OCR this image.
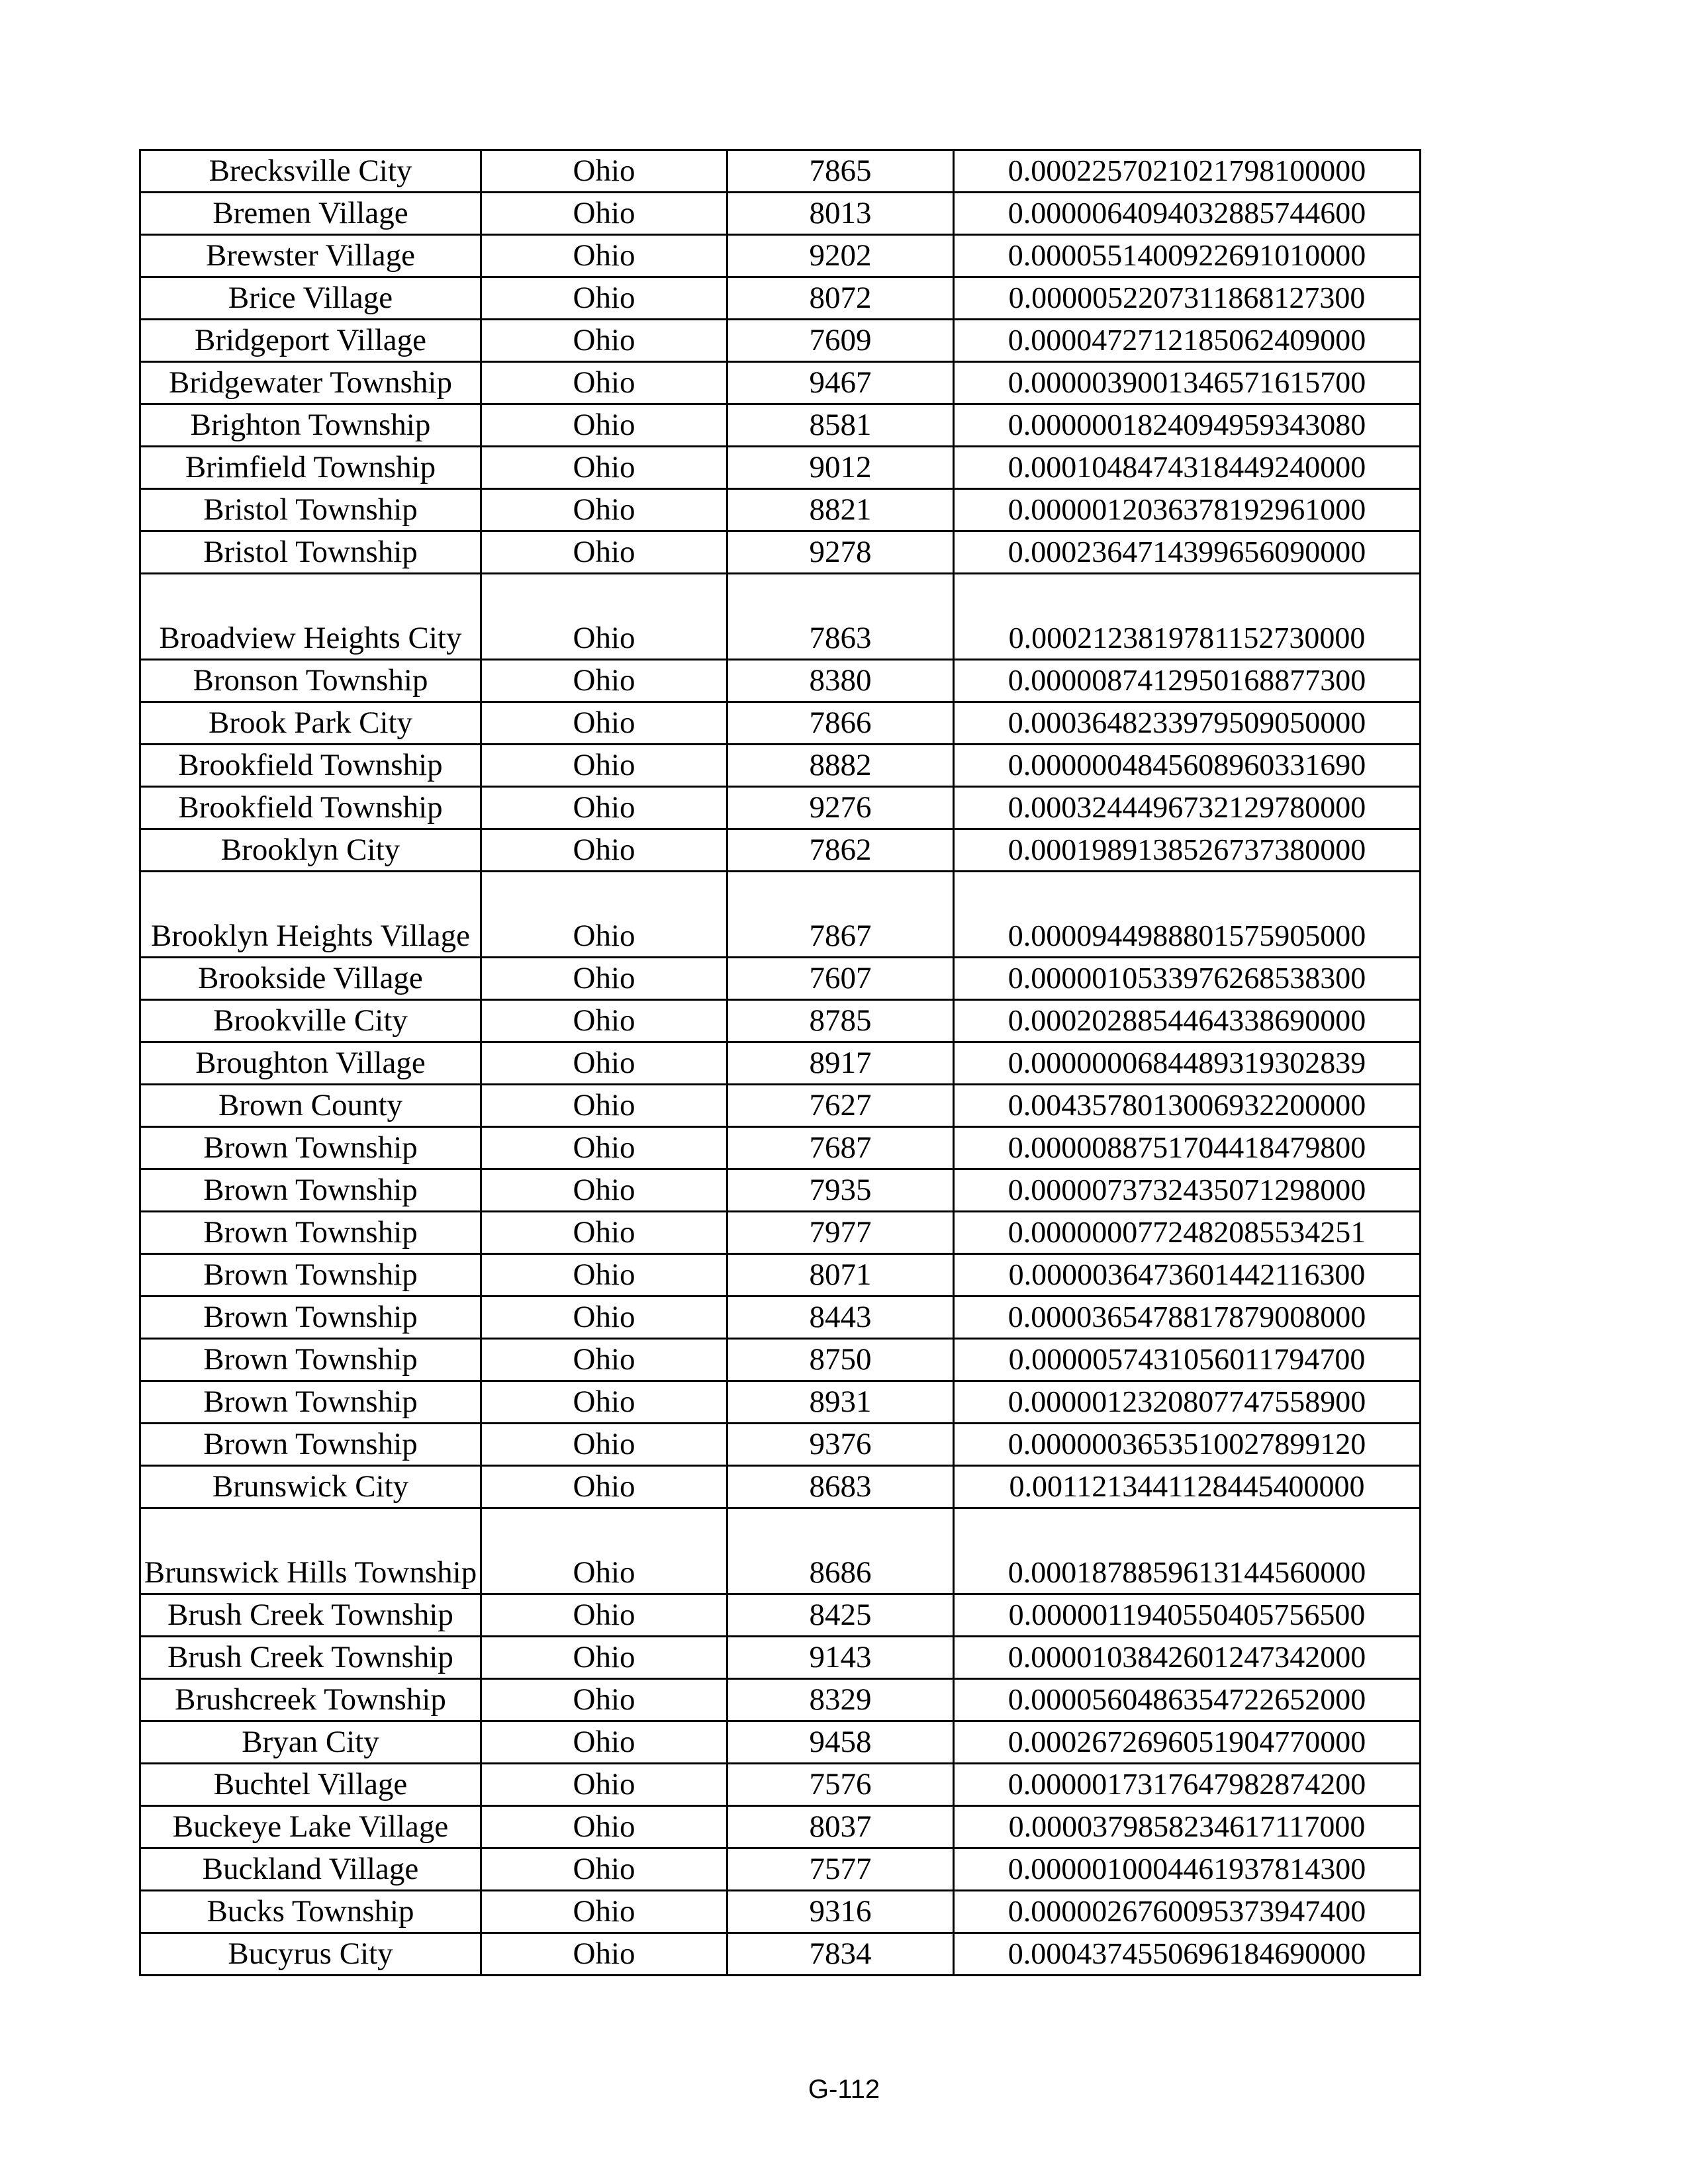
Brecksville City	Ohio	7865	0.0002257021021798100000
Bremen Village	Ohio	8013	0.0000064094032885744600
Brewster Village	Ohio	9202	0.0000551400922691010000
Brice Village	Ohio	8072	0.0000052207311868127300
Bridgeport Village	Ohio	7609	0.0000472712185062409000
Bridgewater Township	Ohio	9467	0.0000039001346571615700
Brighton Township	Ohio	8581	0.0000001824094959343080
Brimfield Township	Ohio	9012	0.0001048474318449240000
Bristol Township	Ohio	8821	0.0000012036378192961000
Bristol Township	Ohio	9278	0.0002364714399656090000
Broadview Heights City	Ohio	7863	0.0002123819781152730000
Bronson Township	Ohio	8380	0.0000087412950168877300
Brook Park City	Ohio	7866	0.0003648233979509050000
Brookfield Township	Ohio	8882	0.0000004845608960331690
Brookfield Township	Ohio	9276	0.0003244496732129780000
Brooklyn City	Ohio	7862	0.0001989138526737380000
Brooklyn Heights Village	Ohio	7867	0.0000944988801575905000
Brookside Village	Ohio	7607	0.0000010533976268538300
Brookville City	Ohio	8785	0.0002028854464338690000
Broughton Village	Ohio	8917	0.0000000684489319302839
Brown County	Ohio	7627	0.0043578013006932200000
Brown Township	Ohio	7687	0.0000088751704418479800
Brown Township	Ohio	7935	0.0000073732435071298000
Brown Township	Ohio	7977	0.0000000772482085534251
Brown Township	Ohio	8071	0.0000036473601442116300
Brown Township	Ohio	8443	0.0000365478817879008000
Brown Township	Ohio	8750	0.0000057431056011794700
Brown Township	Ohio	8931	0.0000012320807747558900
Brown Township	Ohio	9376	0.0000003653510027899120
Brunswick City	Ohio	8683	0.0011213441128445400000
Brunswick Hills Township	Ohio	8686	0.0001878859613144560000
Brush Creek Township	Ohio	8425	0.0000011940550405756500
Brush Creek Township	Ohio	9143	0.0000103842601247342000
Brushcreek Township	Ohio	8329	0.0000560486354722652000
Bryan City	Ohio	9458	0.0002672696051904770000
Buchtel Village	Ohio	7576	0.0000017317647982874200
Buckeye Lake Village	Ohio	8037	0.0000379858234617117000
Buckland Village	Ohio	7577	0.0000010004461937814300
Bucks Township	Ohio	9316	0.0000026760095373947400
Bucyrus City	Ohio	7834	0.0004374550696184690000
G-112
